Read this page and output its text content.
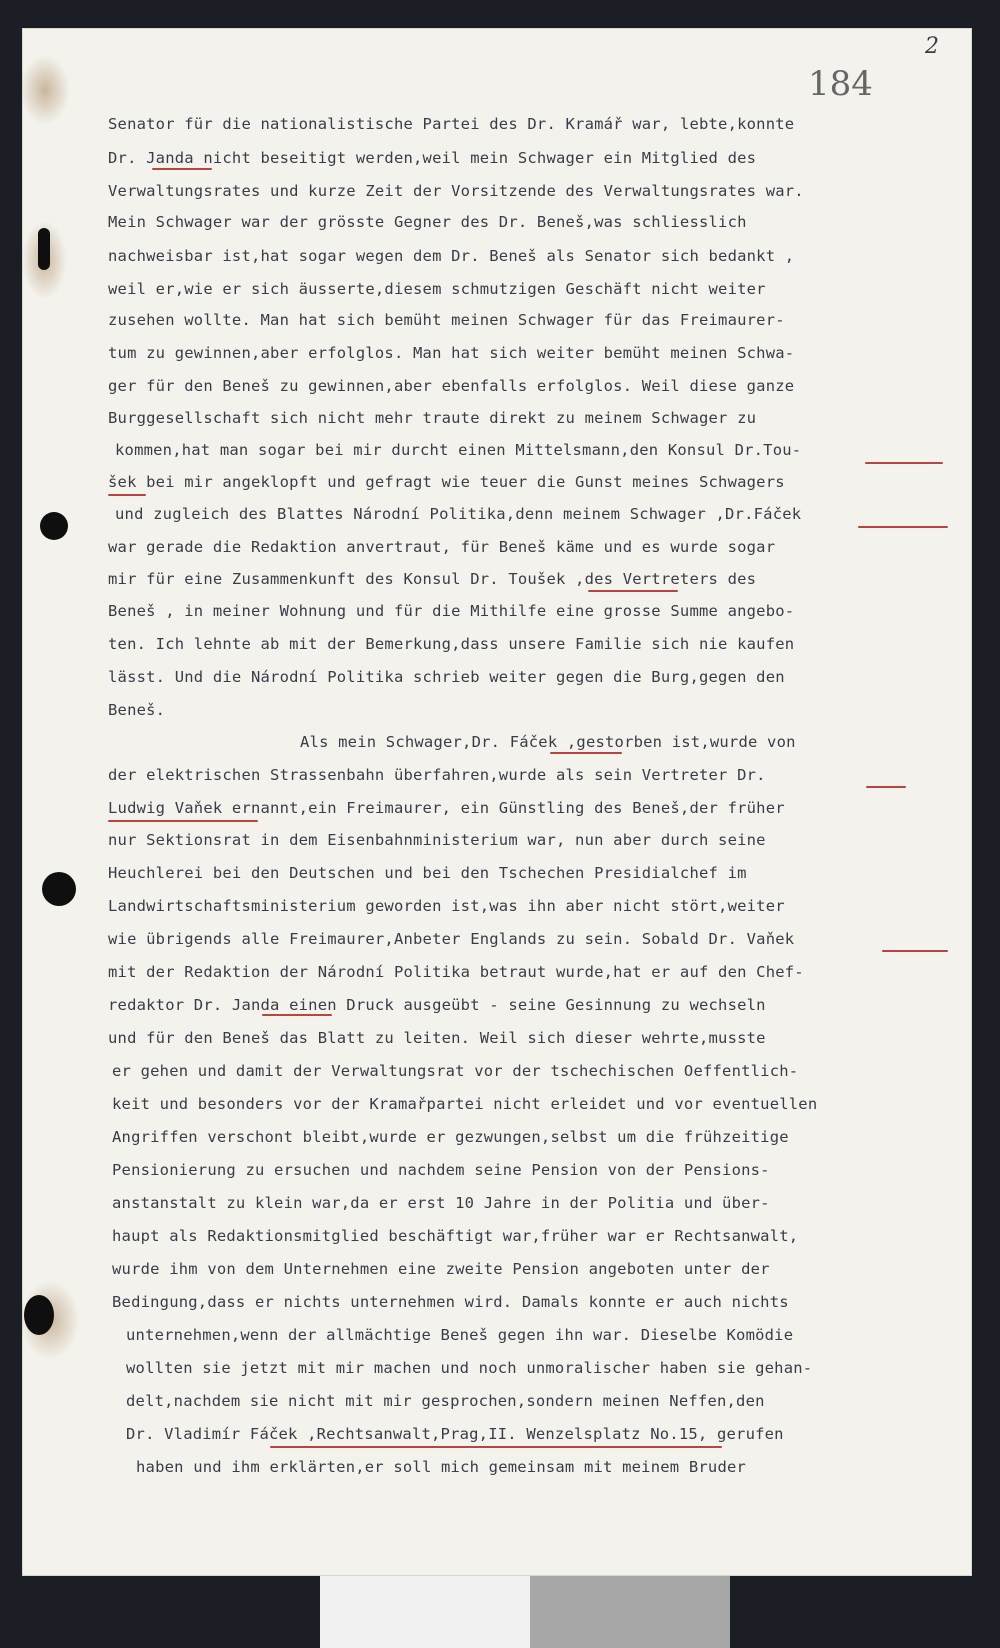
2
184
Senator für die nationalistische Partei des Dr. Kramář war, lebte,konnte
Dr. Janda nicht beseitigt werden,weil mein Schwager ein Mitglied des
Verwaltungsrates und kurze Zeit der Vorsitzende des Verwaltungsrates war.
Mein Schwager war der grösste Gegner des Dr. Beneš,was schliesslich
nachweisbar ist,hat sogar wegen dem Dr. Beneš als Senator sich bedankt ,
weil er,wie er sich äusserte,diesem schmutzigen Geschäft nicht weiter
zusehen wollte. Man hat sich bemüht meinen Schwager für das Freimaurer-
tum zu gewinnen,aber erfolglos. Man hat sich weiter bemüht meinen Schwa-
ger für den Beneš zu gewinnen,aber ebenfalls erfolglos. Weil diese ganze
Burggesellschaft sich nicht mehr traute direkt zu meinem Schwager zu
kommen,hat man sogar bei mir durcht einen Mittelsmann,den Konsul Dr.Tou-
šek bei mir angeklopft und gefragt wie teuer die Gunst meines Schwagers
und zugleich des Blattes Národní Politika,denn meinem Schwager ,Dr.Fáček
war gerade die Redaktion anvertraut, für Beneš käme und es wurde sogar
mir für eine Zusammenkunft des Konsul Dr. Toušek ,des Vertreters des
Beneš , in meiner Wohnung und für die Mithilfe eine grosse Summe angebo-
ten. Ich lehnte ab mit der Bemerkung,dass unsere Familie sich nie kaufen
lässt. Und die Národní Politika schrieb weiter gegen die Burg,gegen den
Beneš.
Als mein Schwager,Dr. Fáček ,gestorben ist,wurde von
der elektrischen Strassenbahn überfahren,wurde als sein Vertreter Dr.
Ludwig Vaňek ernannt,ein Freimaurer, ein Günstling des Beneš,der früher
nur Sektionsrat in dem Eisenbahnministerium war, nun aber durch seine
Heuchlerei bei den Deutschen und bei den Tschechen Presidialchef im
Landwirtschaftsministerium geworden ist,was ihn aber nicht stört,weiter
wie übrigends alle Freimaurer,Anbeter Englands zu sein. Sobald Dr. Vaňek
mit der Redaktion der Národní Politika betraut wurde,hat er auf den Chef-
redaktor Dr. Janda einen Druck ausgeübt - seine Gesinnung zu wechseln
und für den Beneš das Blatt zu leiten. Weil sich dieser wehrte,musste
er gehen und damit der Verwaltungsrat vor der tschechischen Oeffentlich-
keit und besonders vor der Kramařpartei nicht erleidet und vor eventuellen
Angriffen verschont bleibt,wurde er gezwungen,selbst um die frühzeitige
Pensionierung zu ersuchen und nachdem seine Pension von der Pensions-
anstanstalt zu klein war,da er erst 10 Jahre in der Politia und über-
haupt als Redaktionsmitglied beschäftigt war,früher war er Rechtsanwalt,
wurde ihm von dem Unternehmen eine zweite Pension angeboten unter der
Bedingung,dass er nichts unternehmen wird. Damals konnte er auch nichts
unternehmen,wenn der allmächtige Beneš gegen ihn war. Dieselbe Komödie
wollten sie jetzt mit mir machen und noch unmoralischer haben sie gehan-
delt,nachdem sie nicht mit mir gesprochen,sondern meinen Neffen,den
Dr. Vladimír Fáček ,Rechtsanwalt,Prag,II. Wenzelsplatz No.15, gerufen
haben und ihm erklärten,er soll mich gemeinsam mit meinem Bruder
